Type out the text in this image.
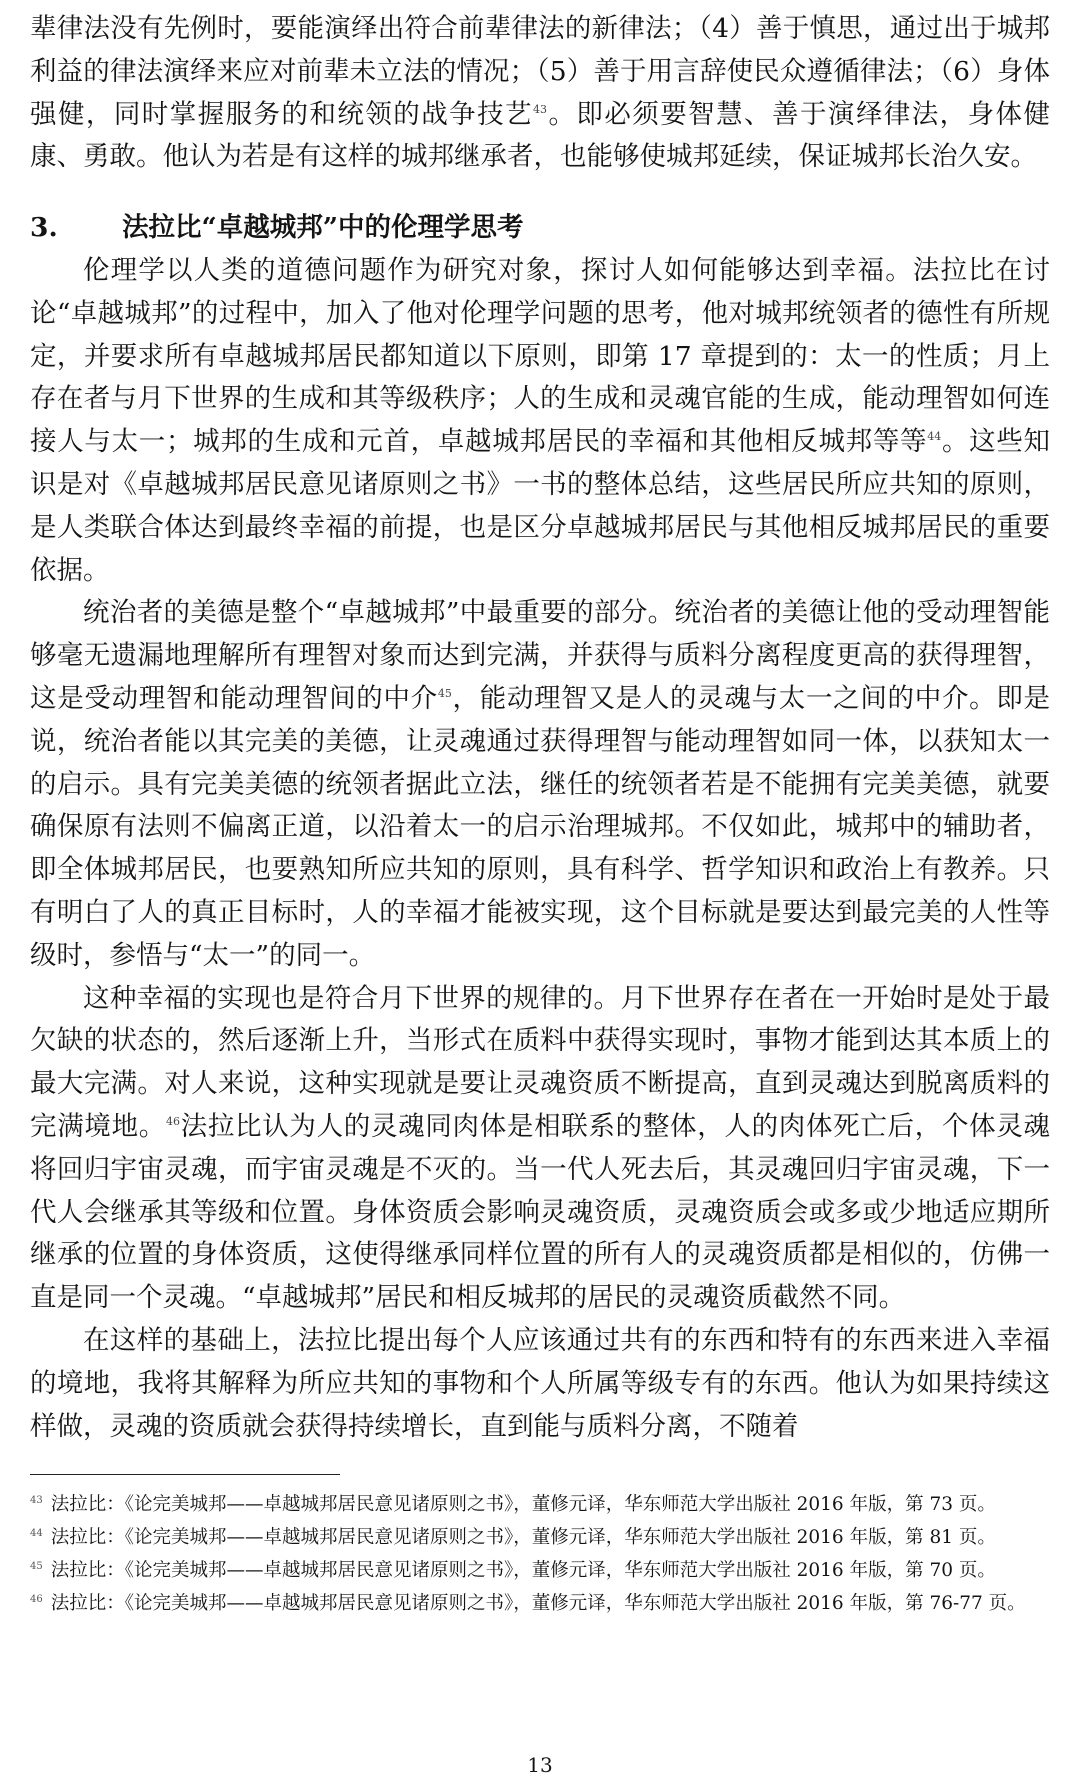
辈律法没有先例时，要能演绎出符合前辈律法的新律法；（4）善于慎思，通过出于城邦利益的律法演绎来应对前辈未立法的情况；（5）善于用言辞使民众遵循律法；（6）身体强健，同时掌握服务的和统领的战争技艺$^{43}$。即必须要智慧、善于演绎律法，身体健康、勇敢。他认为若是有这样的城邦继承者，也能够使城邦延续，保证城邦长治久安。

3.	法拉比“卓越城邦”中的伦理学思考

伦理学以人类的道德问题作为研究对象，探讨人如何能够达到幸福。法拉比在讨论“卓越城邦”的过程中，加入了他对伦理学问题的思考，他对城邦统领者的德性有所规定，并要求所有卓越城邦居民都知道以下原则，即第 17 章提到的：太一的性质；月上存在者与月下世界的生成和其等级秩序；人的生成和灵魂官能的生成，能动理智如何连接人与太一；城邦的生成和元首，卓越城邦居民的幸福和其他相反城邦等等$^{44}$。这些知识是对《卓越城邦居民意见诸原则之书》一书的整体总结，这些居民所应共知的原则，是人类联合体达到最终幸福的前提，也是区分卓越城邦居民与其他相反城邦居民的重要依据。

统治者的美德是整个“卓越城邦”中最重要的部分。统治者的美德让他的受动理智能够毫无遗漏地理解所有理智对象而达到完满，并获得与质料分离程度更高的获得理智，这是受动理智和能动理智间的中介$^{45}$，能动理智又是人的灵魂与太一之间的中介。即是说，统治者能以其完美的美德，让灵魂通过获得理智与能动理智如同一体，以获知太一的启示。具有完美美德的统领者据此立法，继任的统领者若是不能拥有完美美德，就要确保原有法则不偏离正道，以沿着太一的启示治理城邦。不仅如此，城邦中的辅助者，即全体城邦居民，也要熟知所应共知的原则，具有科学、哲学知识和政治上有教养。只有明白了人的真正目标时，人的幸福才能被实现，这个目标就是要达到最完美的人性等级时，参悟与“太一”的同一。

这种幸福的实现也是符合月下世界的规律的。月下世界存在者在一开始时是处于最欠缺的状态的，然后逐渐上升，当形式在质料中获得实现时，事物才能到达其本质上的最大完满。对人来说，这种实现就是要让灵魂资质不断提高，直到灵魂达到脱离质料的完满境地。$^{46}$法拉比认为人的灵魂同肉体是相联系的整体，人的肉体死亡后，个体灵魂将回归宇宙灵魂，而宇宙灵魂是不灭的。当一代人死去后，其灵魂回归宇宙灵魂，下一代人会继承其等级和位置。身体资质会影响灵魂资质，灵魂资质会或多或少地适应期所继承的位置的身体资质，这使得继承同样位置的所有人的灵魂资质都是相似的，仿佛一直是同一个灵魂。“卓越城邦”居民和相反城邦的居民的灵魂资质截然不同。

在这样的基础上，法拉比提出每个人应该通过共有的东西和特有的东西来进入幸福的境地，我将其解释为所应共知的事物和个人所属等级专有的东西。他认为如果持续这样做，灵魂的资质就会获得持续增长，直到能与质料分离，不随着

$^{43}$ 法拉比：《论完美城邦——卓越城邦居民意见诸原则之书》，董修元译，华东师范大学出版社 2016 年版，第 73 页。

$^{44}$ 法拉比：《论完美城邦——卓越城邦居民意见诸原则之书》，董修元译，华东师范大学出版社 2016 年版，第 81 页。

$^{45}$ 法拉比：《论完美城邦——卓越城邦居民意见诸原则之书》，董修元译，华东师范大学出版社 2016 年版，第 70 页。

$^{46}$ 法拉比：《论完美城邦——卓越城邦居民意见诸原则之书》，董修元译，华东师范大学出版社 2016 年版，第 76-77 页。

13
